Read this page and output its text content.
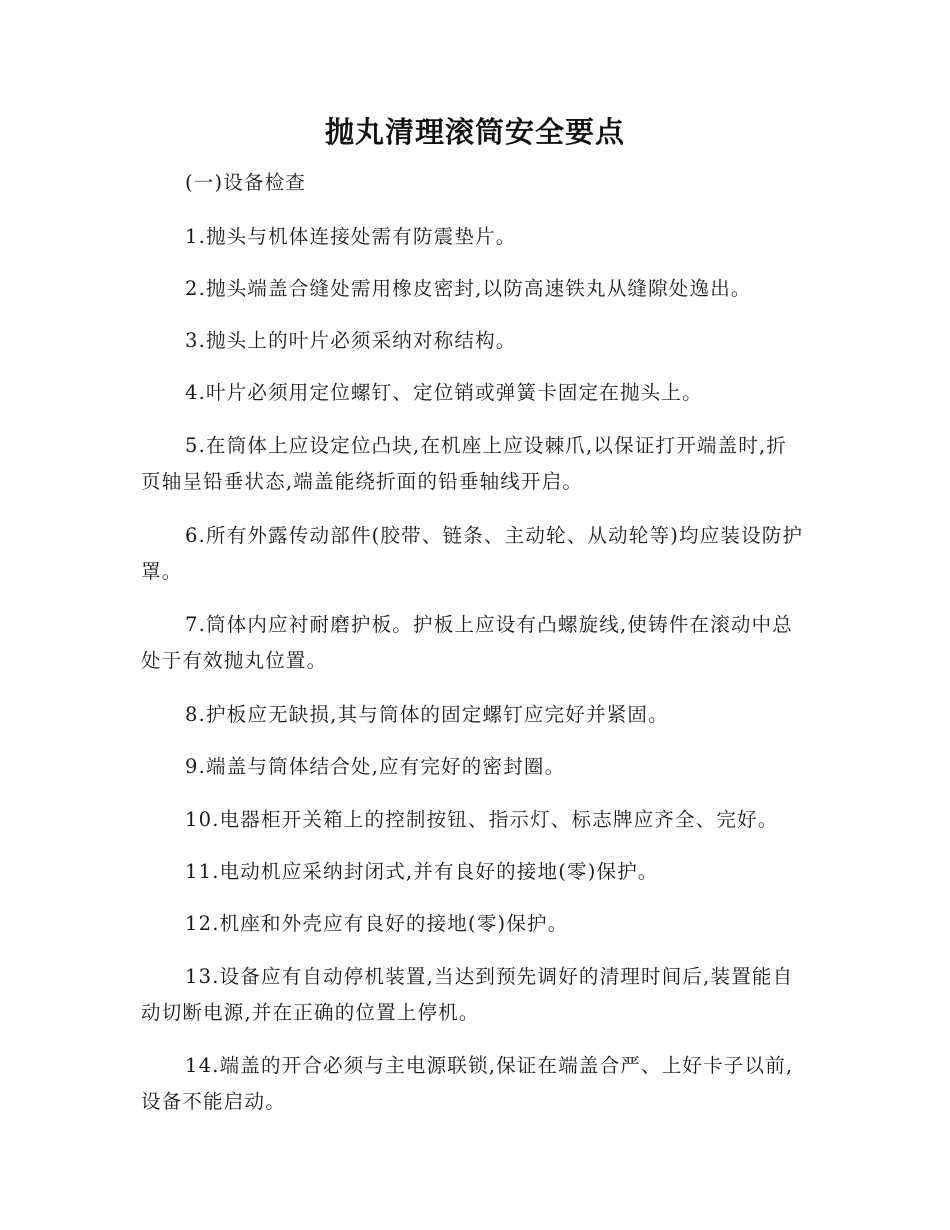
抛丸清理滚筒安全要点

(一)设备检查

1.抛头与机体连接处需有防震垫片。

2.抛头端盖合缝处需用橡皮密封,以防高速铁丸从缝隙处逸出。

3.抛头上的叶片必须采纳对称结构。

4.叶片必须用定位螺钉、定位销或弹簧卡固定在抛头上。

5.在筒体上应设定位凸块,在机座上应设棘爪,以保证打开端盖时,折页轴呈铅垂状态,端盖能绕折面的铅垂轴线开启。

6.所有外露传动部件(胶带、链条、主动轮、从动轮等)均应装设防护罩。

7.筒体内应衬耐磨护板。护板上应设有凸螺旋线,使铸件在滚动中总处于有效抛丸位置。

8.护板应无缺损,其与筒体的固定螺钉应完好并紧固。

9.端盖与筒体结合处,应有完好的密封圈。

10.电器柜开关箱上的控制按钮、指示灯、标志牌应齐全、完好。

11.电动机应采纳封闭式,并有良好的接地(零)保护。

12.机座和外壳应有良好的接地(零)保护。

13.设备应有自动停机装置,当达到预先调好的清理时间后,装置能自动切断电源,并在正确的位置上停机。

14.端盖的开合必须与主电源联锁,保证在端盖合严、上好卡子以前,设备不能启动。
